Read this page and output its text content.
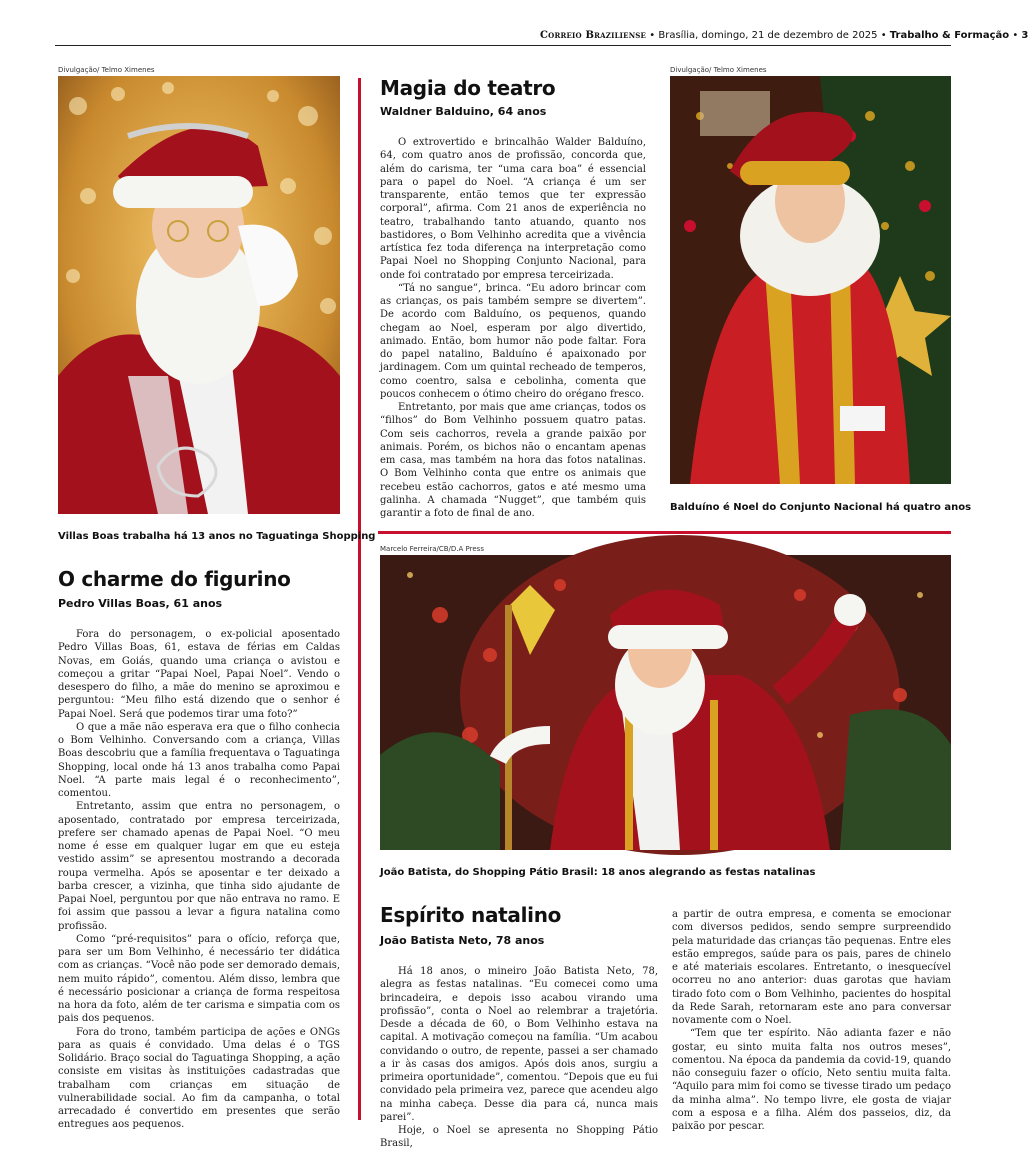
Correio Braziliense • Brasília, domingo, 21 de dezembro de 2025 • Trabalho & Formação • 3
Divulgação/ Telmo Ximenes
Villas Boas trabalha há 13 anos no Taguatinga Shopping
O charme do figurino
Pedro Villas Boas, 61 anos

Fora do personagem, o ex-policial aposentado Pedro Villas Boas, 61, estava de férias em Caldas Novas, em Goiás, quando uma criança o avistou e começou a gritar “Papai Noel, Papai Noel”. Vendo o desespero do filho, a mãe do menino se aproximou e perguntou: “Meu filho está dizendo que o senhor é Papai Noel. Será que podemos tirar uma foto?”

O que a mãe não esperava era que o filho conhecia o Bom Velhinho. Conversando com a criança, Villas Boas descobriu que a família frequentava o Taguatinga Shopping, local onde há 13 anos trabalha como Papai Noel. “A parte mais legal é o reconhecimento”, comentou.

Entretanto, assim que entra no personagem, o aposentado, contratado por empresa terceirizada, prefere ser chamado apenas de Papai Noel. “O meu nome é esse em qualquer lugar em que eu esteja vestido assim” se apresentou mostrando a decorada roupa vermelha. Após se aposentar e ter deixado a barba crescer, a vizinha, que tinha sido ajudante de Papai Noel, perguntou por que não entrava no ramo. E foi assim que passou a levar a figura natalina como profissão.

Como “pré-requisitos” para o ofício, reforça que, para ser um Bom Velhinho, é necessário ter didática com as crianças. “Você não pode ser demorado demais, nem muito rápido”, comentou. Além disso, lembra que é necessário posicionar a criança de forma respeitosa na hora da foto, além de ter carisma e simpatia com os pais dos pequenos.

Fora do trono, também participa de ações e ONGs para as quais é convidado. Uma delas é o TGS Solidário. Braço social do Taguatinga Shopping, a ação consiste em visitas às instituições cadastradas que trabalham com crianças em situação de vulnerabilidade social. Ao fim da campanha, o total arrecadado é convertido em presentes que serão entregues aos pequenos.

Magia do teatro
Waldner Balduino, 64 anos

O extrovertido e brincalhão Walder Balduíno, 64, com quatro anos de profissão, concorda que, além do carisma, ter “uma cara boa” é essencial para o papel do Noel. “A criança é um ser transparente, então temos que ter expressão corporal”, afirma. Com 21 anos de experiência no teatro, trabalhando tanto atuando, quanto nos bastidores, o Bom Velhinho acredita que a vivência artística fez toda diferença na interpretação como Papai Noel no Shopping Conjunto Nacional, para onde foi contratado por empresa terceirizada.

“Tá no sangue”, brinca. “Eu adoro brincar com as crianças, os pais também sempre se divertem”. De acordo com Balduíno, os pequenos, quando chegam ao Noel, esperam por algo divertido, animado. Então, bom humor não pode faltar. Fora do papel natalino, Balduíno é apaixonado por jardinagem. Com um quintal recheado de temperos, como coentro, salsa e cebolinha, comenta que poucos conhecem o ótimo cheiro do orégano fresco.

Entretanto, por mais que ame crianças, todos os “filhos” do Bom Velhinho possuem quatro patas. Com seis cachorros, revela a grande paixão por animais. Porém, os bichos não o encantam apenas em casa, mas também na hora das fotos natalinas. O Bom Velhinho conta que entre os animais que recebeu estão cachorros, gatos e até mesmo uma galinha. A chamada “Nugget”, que também quis garantir a foto de final de ano.

Divulgação/ Telmo Ximenes
Balduíno é Noel do Conjunto Nacional há quatro anos
Marcelo Ferreira/CB/D.A Press
João Batista, do Shopping Pátio Brasil: 18 anos alegrando as festas natalinas
Espírito natalino
João Batista Neto, 78 anos

Há 18 anos, o mineiro João Batista Neto, 78, alegra as festas natalinas. “Eu comecei como uma brincadeira, e depois isso acabou virando uma profissão”, conta o Noel ao relembrar a trajetória. Desde a década de 60, o Bom Velhinho estava na capital. A motivação começou na família. “Um acabou convidando o outro, de repente, passei a ser chamado a ir às casas dos amigos. Após dois anos, surgiu a primeira oportunidade”, comentou. “Depois que eu fui convidado pela primeira vez, parece que acendeu algo na minha cabeça. Desse dia para cá, nunca mais parei”.

Hoje, o Noel se apresenta no Shopping Pátio Brasil,

a partir de outra empresa, e comenta se emocionar com diversos pedidos, sendo sempre surpreendido pela maturidade das crianças tão pequenas. Entre eles estão empregos, saúde para os pais, pares de chinelo e até materiais escolares. Entretanto, o inesquecível ocorreu no ano anterior: duas garotas que haviam tirado foto com o Bom Velhinho, pacientes do hospital da Rede Sarah, retornaram este ano para conversar novamente com o Noel.

“Tem que ter espírito. Não adianta fazer e não gostar, eu sinto muita falta nos outros meses”, comentou. Na época da pandemia da covid-19, quando não conseguiu fazer o ofício, Neto sentiu muita falta. “Aquilo para mim foi como se tivesse tirado um pedaço da minha alma”. No tempo livre, ele gosta de viajar com a esposa e a filha. Além dos passeios, diz, da paixão por pescar.
